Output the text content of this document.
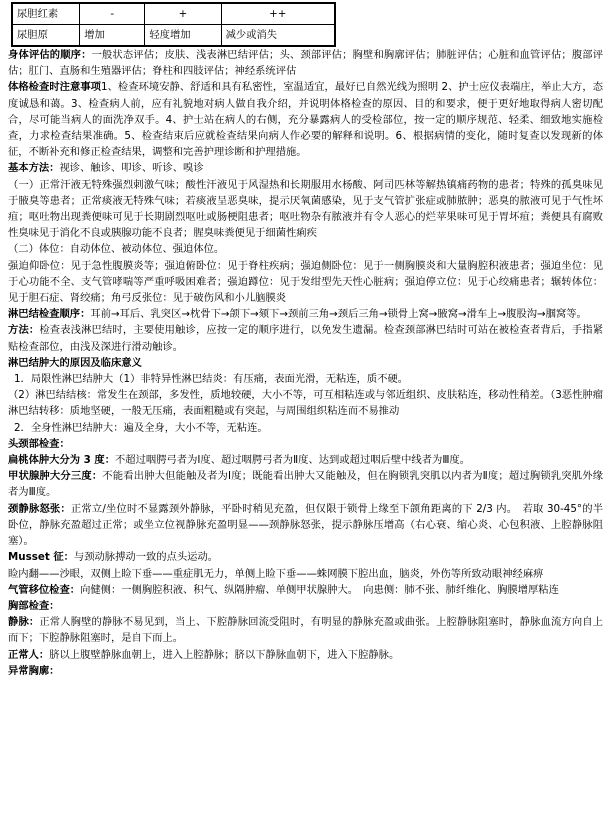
尿胆红素	-	+	++
尿胆原	增加	轻度增加	减少或消失

身体评估的顺序：一般状态评估；皮肤、浅表淋巴结评估；头、颈部评估；胸壁和胸廓评估；肺脏评估；心脏和血管评估；腹部评估；肛门、直肠和生殖器评估；脊柱和四肢评估；神经系统评估

体格检查时注意事项1、检查环境安静、舒适和具有私密性，室温适宜，最好已自然光线为照明 2、护士应仪表端庄，举止大方，态度诚恳和蔼。3、检查病人前，应有礼貌地对病人做自我介绍，并说明体格检查的原因、目的和要求，便于更好地取得病人密切配合，尽可能当病人的面洗净双手。4、护士站在病人的右侧，充分暴露病人的受检部位，按一定的顺序规范、轻柔、细致地实施检查，力求检查结果准确。5、检查结束后应就检查结果向病人作必要的解释和说明。6、根据病情的变化，随时复查以发现新的体征，不断补充和修正检查结果，调整和完善护理诊断和护理措施。

基本方法：视诊、触诊、叩诊、听诊、嗅诊

（一）正常汗液无特殊强烈刺激气味；酸性汗液见于风湿热和长期服用水杨酸、阿司匹林等解热镇痛药物的患者；特殊的孤臭味见于腋臭等患者；正常痰液无特殊气味；若痰液呈恶臭味，提示厌氧菌感染，见于支气管扩张症或肺脓肿；恶臭的脓液可见于气性坏疽；呕吐物出现粪便味可见于长期剧烈呕吐或肠梗阻患者；呕吐物杂有脓液并有令人恶心的烂苹果味可见于胃坏疽；粪便具有腐败性臭味见于消化不良或胰腺功能不良者；腥臭味粪便见于细菌性痢疾

（二）体位：自动体位、被动体位、强迫体位。

强迫仰卧位：见于急性腹膜炎等；强迫俯卧位：见于脊柱疾病；强迫侧卧位：见于一侧胸膜炎和大量胸腔积液患者；强迫坐位：见于心功能不全、支气管哮喘等严重呼吸困难者；强迫蹲位：见于发绀型先天性心脏病；强迫停立位：见于心绞痛患者；辗转体位：见于胆石症、肾绞痛；角弓反张位：见于破伤风和小儿脑膜炎

淋巴结检查顺序：耳前→耳后、乳突区→枕骨下→颌下→颏下→颈前三角→颈后三角→锁骨上窝→腋窝→滑车上→腹股沟→腘窝等。

方法：检查表浅淋巴结时，主要使用触诊，应按一定的顺序进行，以免发生遗漏。检查颈部淋巴结时可站在被检查者背后，手指紧贴检查部位，由浅及深进行滑动触诊。

淋巴结肿大的原因及临床意义

1．局限性淋巴结肿大（1）非特异性淋巴结炎：有压痛，表面光滑，无粘连，质不硬。

（2）淋巴结结核：常发生在颈部，多发性，质地较硬，大小不等，可互相粘连或与邻近组织、皮肤粘连，移动性稍差。（3恶性肿瘤淋巴结转移：质地坚硬，一般无压痛，表面粗糙或有突起，与周围组织粘连而不易推动

2．全身性淋巴结肿大：遍及全身，大小不等，无粘连。

头颈部检查：

扁桃体肿大分为 3 度：不超过咽腭弓者为Ⅰ度、超过咽腭弓者为Ⅱ度、达到或超过咽后壁中线者为Ⅲ度。

甲状腺肿大分三度：不能看出肿大但能触及者为Ⅰ度；既能看出肿大又能触及，但在胸锁乳突肌以内者为Ⅱ度；超过胸锁乳突肌外缘者为Ⅲ度。

颈静脉怒张：正常立/坐位时不显露颈外静脉，平卧时稍见充盈，但仅限于锁骨上缘至下颌角距离的下 2/3 内。　若取 30-45°的半卧位，静脉充盈超过正常；或坐立位视静脉充盈明显——颈静脉怒张，提示静脉压增高（右心衰、缩心炎、心包积液、上腔静脉阻塞）。

Musset 征：与颈动脉搏动一致的点头运动。

睑内翻——沙眼，双侧上睑下垂——重症肌无力，单侧上睑下垂——蛛网膜下腔出血，脑炎，外伤等所致动眼神经麻痹

气管移位检查：向健侧：一侧胸腔积液、积气、纵隔肿瘤、单侧甲状腺肿大。　向患侧：肺不张、肺纤维化、胸膜增厚粘连

胸部检查：

静脉：正常人胸壁的静脉不易见到，当上、下腔静脉回流受阻时，有明显的静脉充盈或曲张。上腔静脉阻塞时，静脉血流方向自上而下；下腔静脉阻塞时，是自下而上。

正常人：脐以上腹壁静脉血朝上，进入上腔静脉；脐以下静脉血朝下，进入下腔静脉。

异常胸廓：
